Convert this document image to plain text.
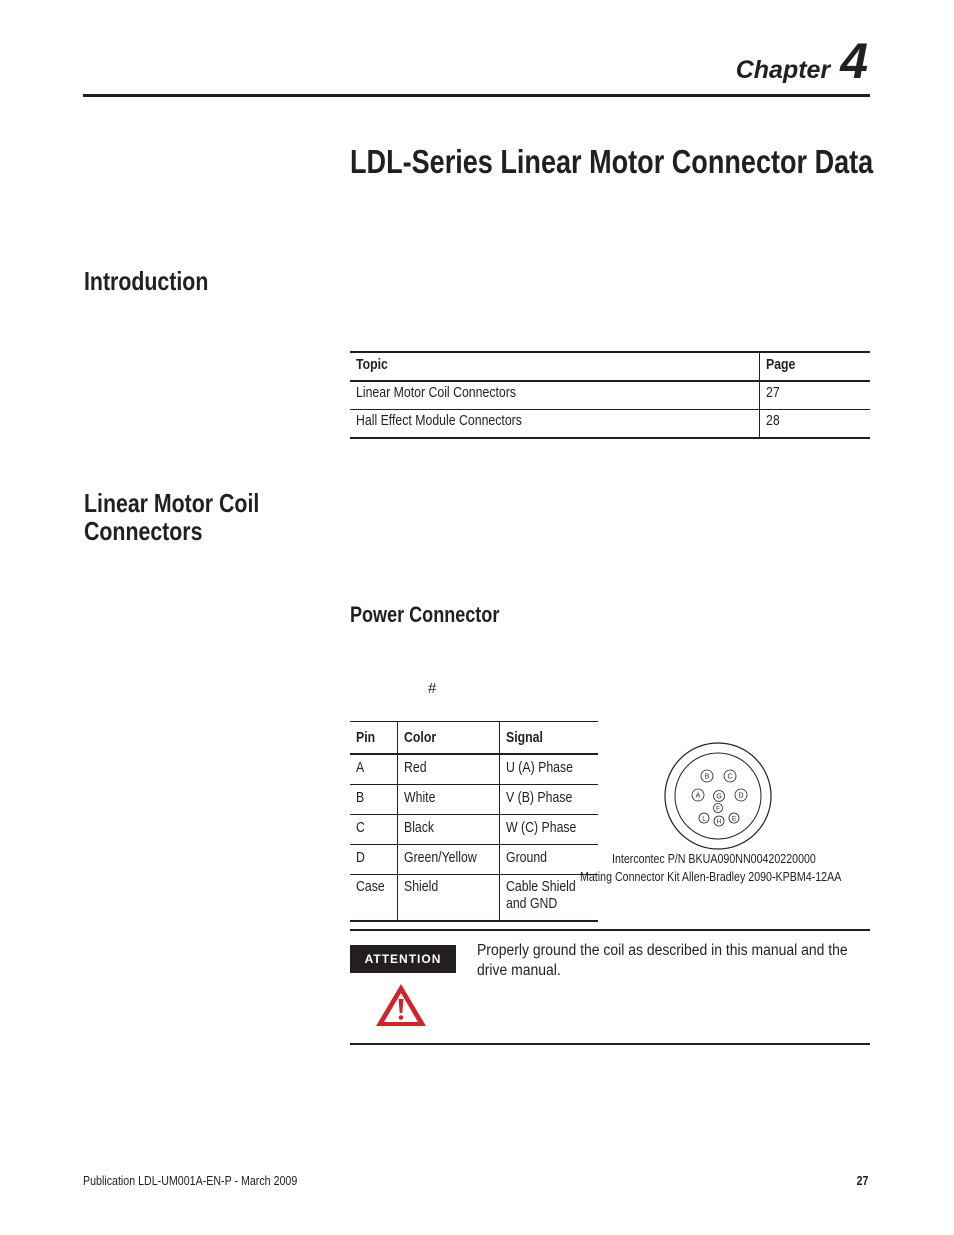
Chapter 4
LDL-Series Linear Motor Connector Data
Introduction
Topic	Page
Linear Motor Coil Connectors	27
Hall Effect Module Connectors	28
Linear Motor Coil
Connectors
Power Connector
#
Pin	Color	Signal
A	Red	U (A) Phase
B	White	V (B) Phase
C	Black	W (C) Phase
D	Green/Yellow	Ground
Case	Shield	Cable Shield
and GND
B	C
A G D
F
L H E
Intercontec P/N BKUA090NN00420220000
Mating Connector Kit Allen-Bradley 2090-KPBM4-12AA
ATTENTION	Properly ground the coil as described in this manual and the drive manual.
Publication LDL-UM001A-EN-P - March 2009	27
